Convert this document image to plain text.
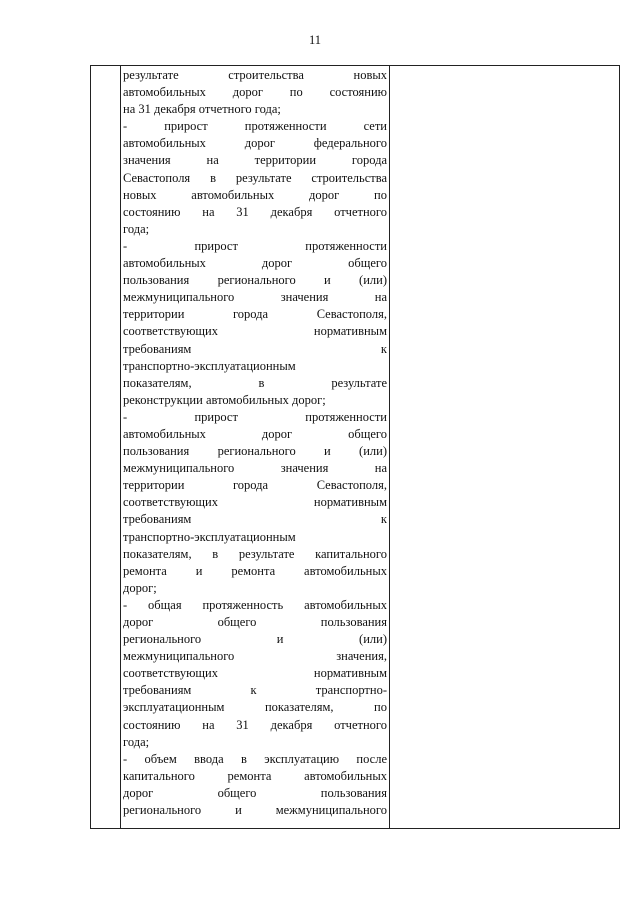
11
результате строительства новых
автомобильных дорог по состоянию
на 31 декабря отчетного года;
- прирост протяженности сети
автомобильных дорог федерального
значения на территории города
Севастополя в результате строительства
новых автомобильных дорог по
состоянию на 31 декабря отчетного
года;
- прирост протяженности
автомобильных дорог общего
пользования регионального и (или)
межмуниципального значения на
территории города Севастополя,
соответствующих нормативным
требованиям к
транспортно-эксплуатационным
показателям, в результате
реконструкции автомобильных дорог;
- прирост протяженности
автомобильных дорог общего
пользования регионального и (или)
межмуниципального значения на
территории города Севастополя,
соответствующих нормативным
требованиям к
транспортно-эксплуатационным
показателям, в результате капитального
ремонта и ремонта автомобильных
дорог;
- общая протяженность автомобильных
дорог общего пользования
регионального и (или)
межмуниципального значения,
соответствующих нормативным
требованиям к транспортно-
эксплуатационным показателям, по
состоянию на 31 декабря отчетного
года;
- объем ввода в эксплуатацию после
капитального ремонта автомобильных
дорог общего пользования
регионального и межмуниципального
